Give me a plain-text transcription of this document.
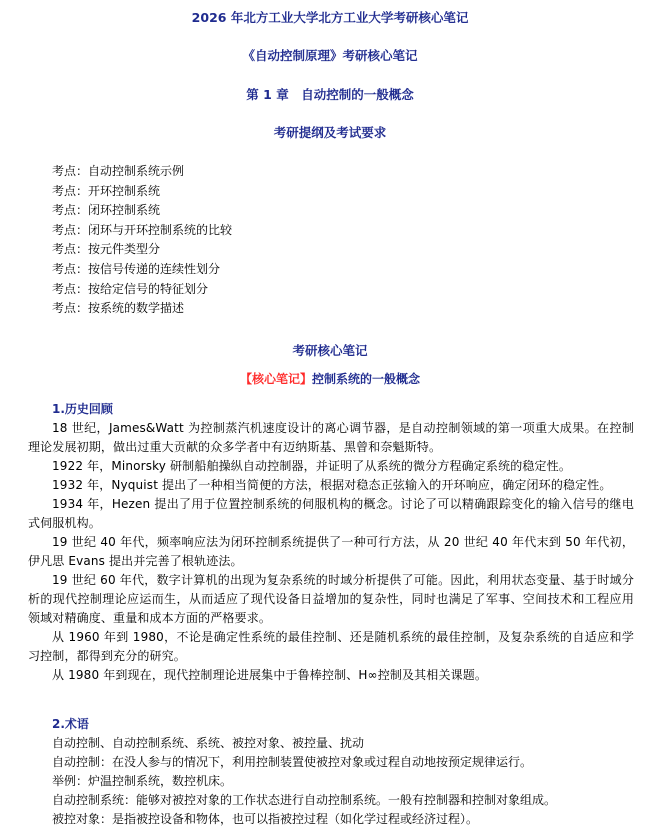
2026 年北方工业大学北方工业大学考研核心笔记
《自动控制原理》考研核心笔记
第 1 章　自动控制的一般概念
考研提纲及考试要求
考点：自动控制系统示例
考点：开环控制系统
考点：闭环控制系统
考点：闭环与开环控制系统的比较
考点：按元件类型分
考点：按信号传递的连续性划分
考点：按给定信号的特征划分
考点：按系统的数学描述
考研核心笔记
【核心笔记】控制系统的一般概念
1.历史回顾

18 世纪，James&Watt 为控制蒸汽机速度设计的离心调节器，是自动控制领域的第一项重大成果。在控制理论发展初期，做出过重大贡献的众多学者中有迈纳斯基、黑曾和奈魁斯特。

1922 年，Minorsky 研制船舶操纵自动控制器，并证明了从系统的微分方程确定系统的稳定性。

1932 年，Nyquist 提出了一种相当简便的方法，根据对稳态正弦输入的开环响应，确定闭环的稳定性。

1934 年，Hezen 提出了用于位置控制系统的伺服机构的概念。讨论了可以精确跟踪变化的输入信号的继电式伺服机构。

19 世纪 40 年代，频率响应法为闭环控制系统提供了一种可行方法，从 20 世纪 40 年代末到 50 年代初，伊凡思 Evans 提出并完善了根轨迹法。

19 世纪 60 年代，数字计算机的出现为复杂系统的时域分析提供了可能。因此，利用状态变量、基于时域分析的现代控制理论应运而生，从而适应了现代设备日益增加的复杂性，同时也满足了军事、空间技术和工程应用领域对精确度、重量和成本方面的严格要求。

从 1960 年到 1980，不论是确定性系统的最佳控制、还是随机系统的最佳控制，及复杂系统的自适应和学习控制，都得到充分的研究。

从 1980 年到现在，现代控制理论进展集中于鲁棒控制、H∞控制及其相关课题。

2.术语
自动控制、自动控制系统、系统、被控对象、被控量、扰动
自动控制：在没人参与的情况下，利用控制装置使被控对象或过程自动地按预定规律运行。
举例：炉温控制系统，数控机床。
自动控制系统：能够对被控对象的工作状态进行自动控制系统。一般有控制器和控制对象组成。
被控对象：是指被控设备和物体，也可以指被控过程（如化学过程或经济过程）。
